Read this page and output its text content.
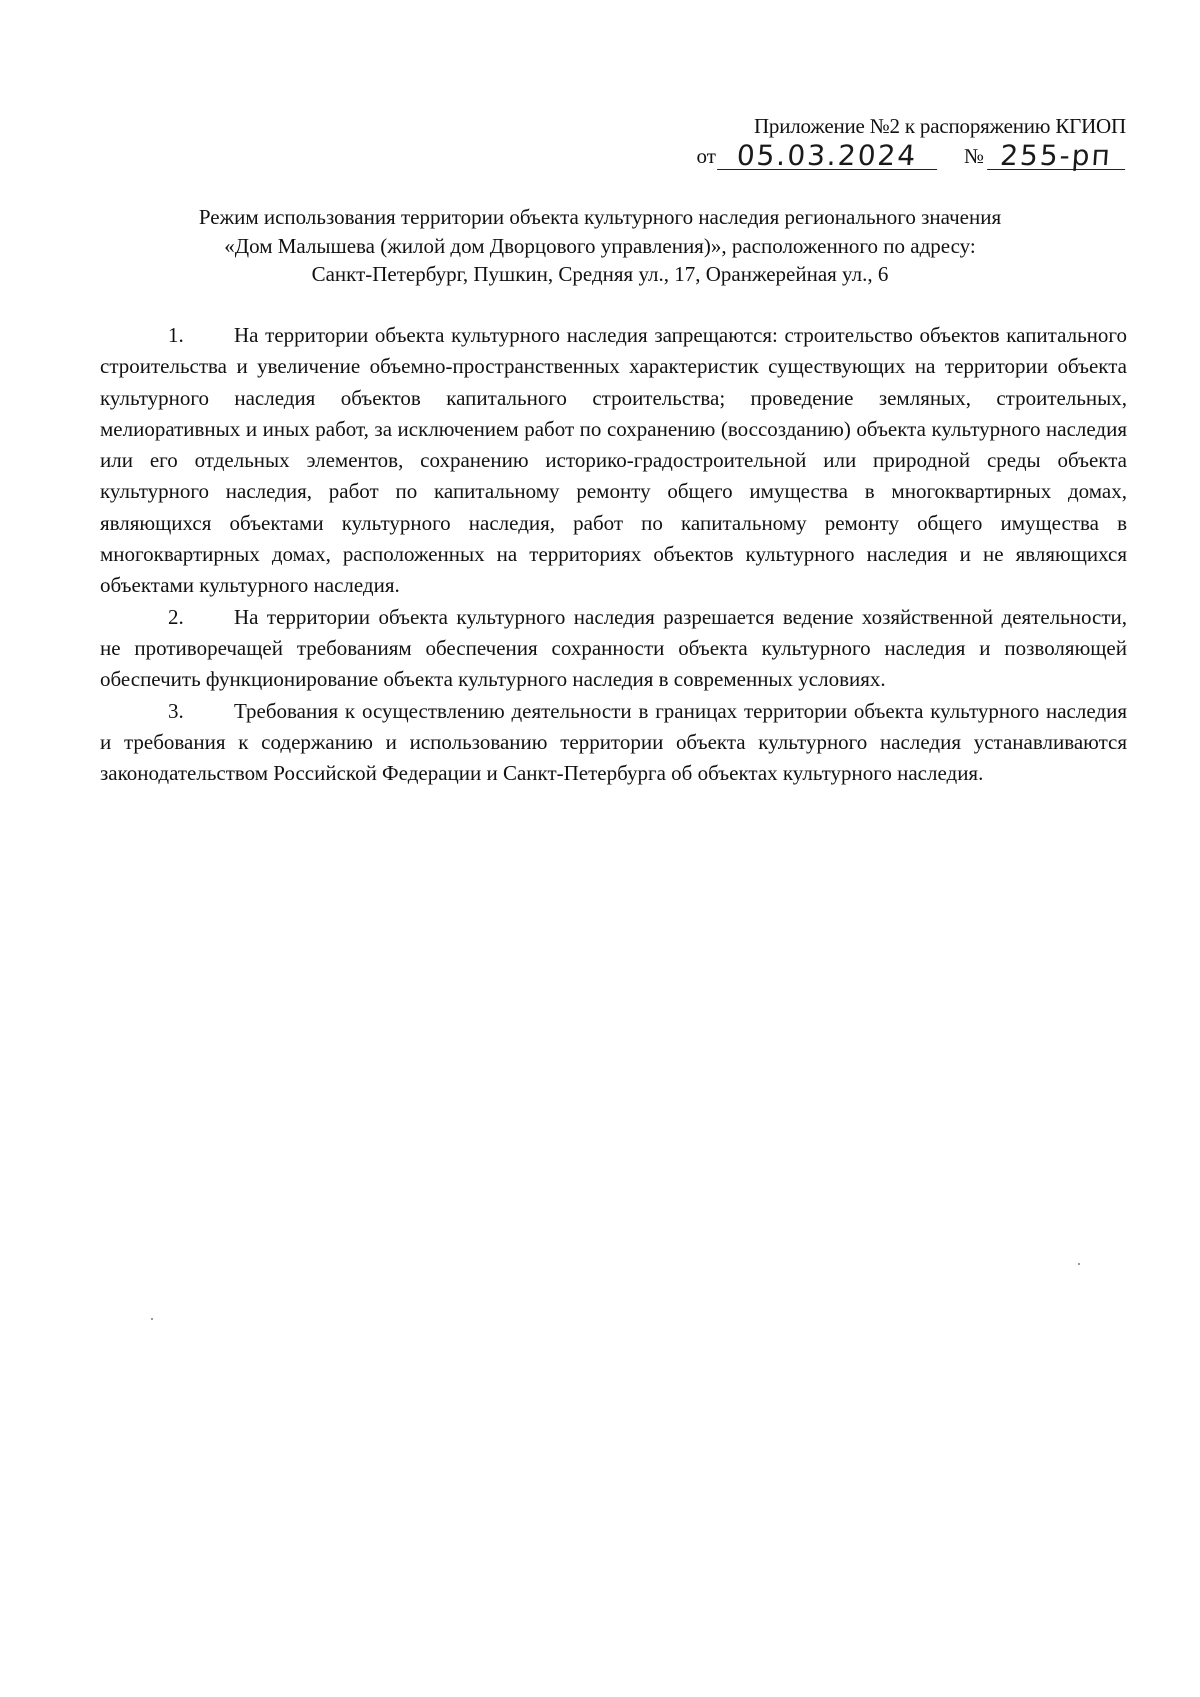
Приложение №2 к распоряжению КГИОП
от 05.03.2024	№ 255-рп
Режим использования территории объекта культурного наследия регионального значения
«Дом Малышева (жилой дом Дворцового управления)», расположенного по адресу:
Санкт-Петербург, Пушкин, Средняя ул., 17, Оранжерейная ул., 6

1. На территории объекта культурного наследия запрещаются: строительство объектов капитального строительства и увеличение объемно-пространственных характеристик существующих на территории объекта культурного наследия объектов капитального строительства; проведение земляных, строительных, мелиоративных и иных работ, за исключением работ по сохранению (воссозданию) объекта культурного наследия или его отдельных элементов, сохранению историко-градостроительной или природной среды объекта культурного наследия, работ по капитальному ремонту общего имущества в многоквартирных домах, являющихся объектами культурного наследия, работ по капитальному ремонту общего имущества в многоквартирных домах, расположенных на территориях объектов культурного наследия и не являющихся объектами культурного наследия.

2. На территории объекта культурного наследия разрешается ведение хозяйственной деятельности, не противоречащей требованиям обеспечения сохранности объекта культурного наследия и позволяющей обеспечить функционирование объекта культурного наследия в современных условиях.

3. Требования к осуществлению деятельности в границах территории объекта культурного наследия и требования к содержанию и использованию территории объекта культурного наследия устанавливаются законодательством Российской Федерации и Санкт-Петербурга об объектах культурного наследия.
